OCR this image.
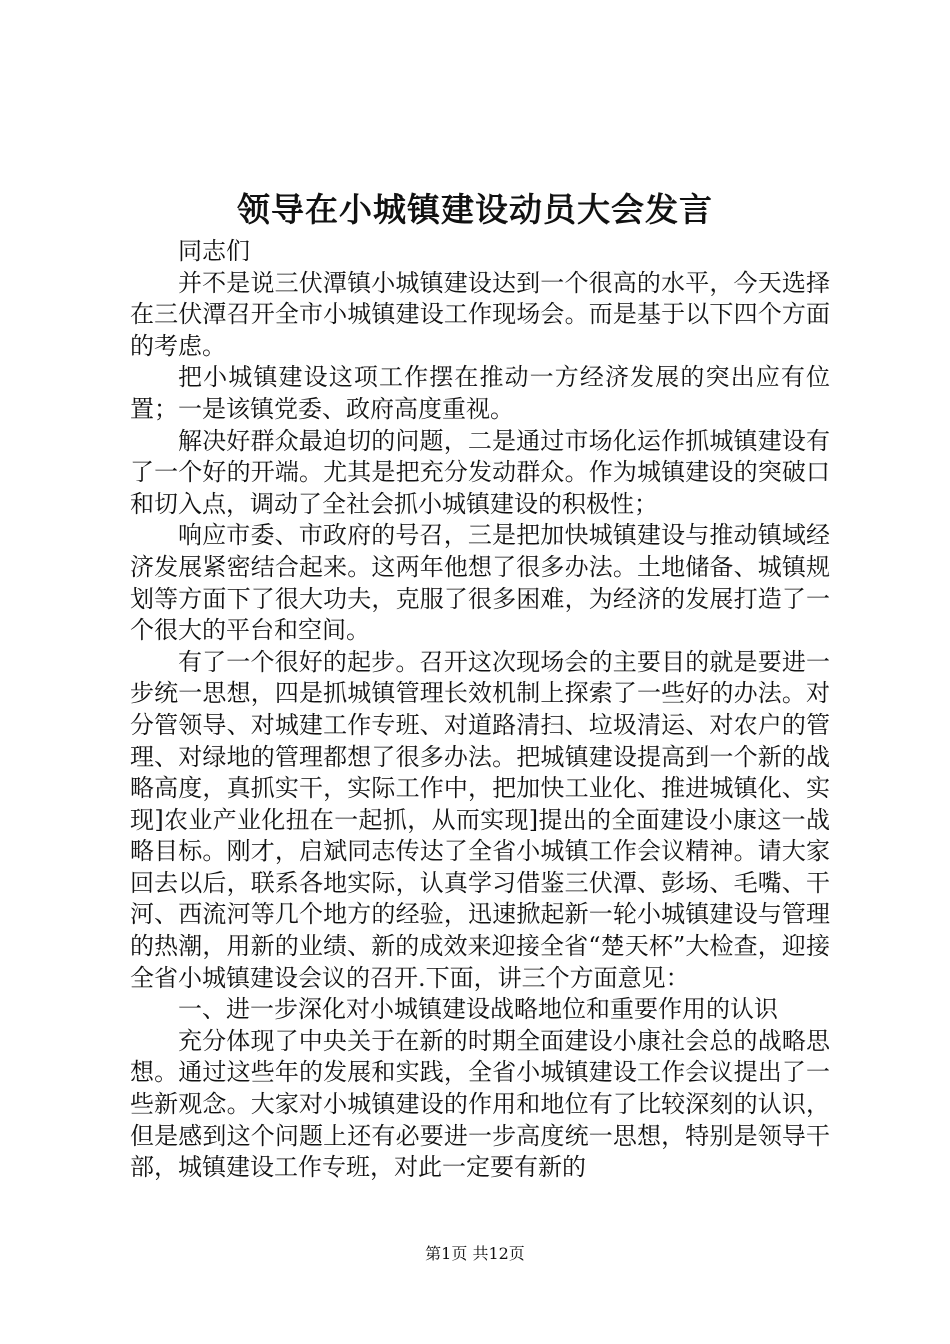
领导在小城镇建设动员大会发言

同志们

并不是说三伏潭镇小城镇建设达到一个很高的水平，今天选择在三伏潭召开全市小城镇建设工作现场会。而是基于以下四个方面的考虑。

把小城镇建设这项工作摆在推动一方经济发展的突出应有位置；一是该镇党委、政府高度重视。

解决好群众最迫切的问题，二是通过市场化运作抓城镇建设有了一个好的开端。尤其是把充分发动群众。作为城镇建设的突破口和切入点，调动了全社会抓小城镇建设的积极性；

响应市委、市政府的号召，三是把加快城镇建设与推动镇域经济发展紧密结合起来。这两年他想了很多办法。土地储备、城镇规划等方面下了很大功夫，克服了很多困难，为经济的发展打造了一个很大的平台和空间。

有了一个很好的起步。召开这次现场会的主要目的就是要进一步统一思想，四是抓城镇管理长效机制上探索了一些好的办法。对分管领导、对城建工作专班、对道路清扫、垃圾清运、对农户的管理、对绿地的管理都想了很多办法。把城镇建设提高到一个新的战略高度，真抓实干，实际工作中，把加快工业化、推进城镇化、实现]农业产业化扭在一起抓，从而实现]提出的全面建设小康这一战略目标。刚才，启斌同志传达了全省小城镇工作会议精神。请大家回去以后，联系各地实际，认真学习借鉴三伏潭、彭场、毛嘴、干河、西流河等几个地方的经验，迅速掀起新一轮小城镇建设与管理的热潮，用新的业绩、新的成效来迎接全省“楚天杯”大检查，迎接全省小城镇建设会议的召开.下面，讲三个方面意见：

一、进一步深化对小城镇建设战略地位和重要作用的认识

充分体现了中央关于在新的时期全面建设小康社会总的战略思想。通过这些年的发展和实践，全省小城镇建设工作会议提出了一些新观念。大家对小城镇建设的作用和地位有了比较深刻的认识，但是感到这个问题上还有必要进一步高度统一思想，特别是领导干部，城镇建设工作专班，对此一定要有新的

第1页 共12页
